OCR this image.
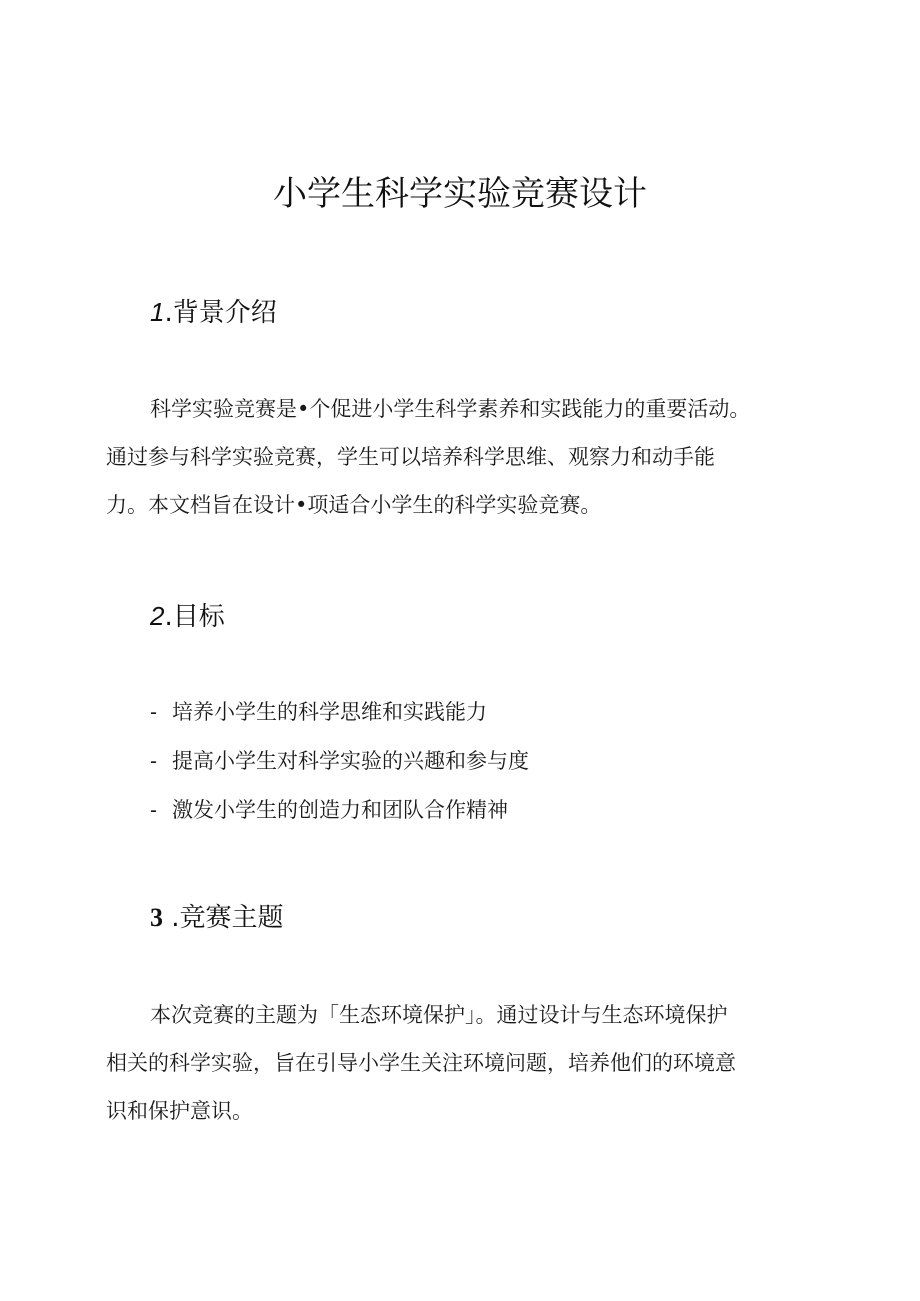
小学生科学实验竞赛设计
1.背景介绍

科学实验竞赛是•个促进小学生科学素养和实践能力的重要活动。
通过参与科学实验竞赛，学生可以培养科学思维、观察力和动手能
力。本文档旨在设计•项适合小学生的科学实验竞赛。

2.目标
- 培养小学生的科学思维和实践能力
- 提高小学生对科学实验的兴趣和参与度
- 激发小学生的创造力和团队合作精神
3 .竞赛主题

本次竞赛的主题为「生态环境保护」。通过设计与生态环境保护
相关的科学实验，旨在引导小学生关注环境问题，培养他们的环境意
识和保护意识。
